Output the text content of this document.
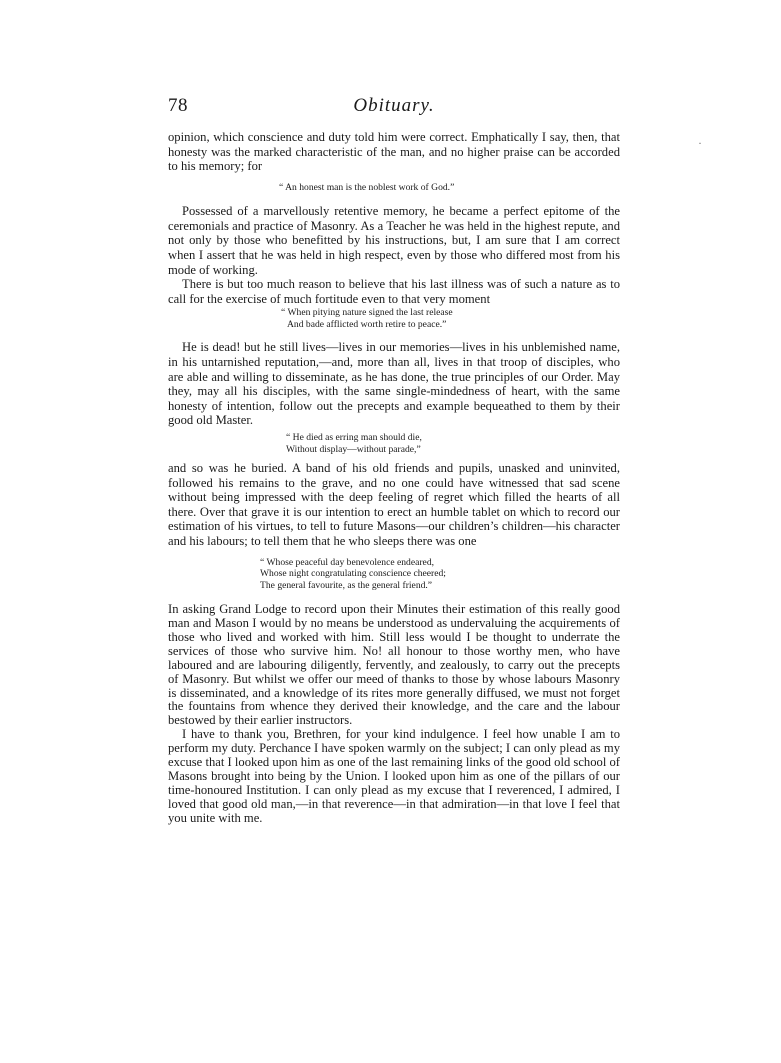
78	Obituary.

opinion, which conscience and duty told him were correct. Emphatically I say, then, that honesty was the marked characteristic of the man, and no higher praise can be accorded to his memory; for

“ An honest man is the noblest work of God.”

Possessed of a marvellously retentive memory, he became a perfect epitome of the ceremonials and practice of Masonry. As a Teacher he was held in the highest repute, and not only by those who benefitted by his instructions, but, I am sure that I am correct when I assert that he was held in high respect, even by those who differed most from his mode of working.

There is but too much reason to believe that his last illness was of such a nature as to call for the exercise of much fortitude even to that very moment

“ When pitying nature signed the last release
And bade afflicted worth retire to peace.”

He is dead! but he still lives—lives in our memories—lives in his unblemished name, in his untarnished reputation,—and, more than all, lives in that troop of disciples, who are able and willing to disseminate, as he has done, the true principles of our Order. May they, may all his disciples, with the same single-mindedness of heart, with the same honesty of intention, follow out the precepts and example bequeathed to them by their good old Master.

“ He died as erring man should die,
Without display—without parade,”

and so was he buried. A band of his old friends and pupils, unasked and uninvited, followed his remains to the grave, and no one could have witnessed that sad scene without being impressed with the deep feeling of regret which filled the hearts of all there. Over that grave it is our intention to erect an humble tablet on which to record our estimation of his virtues, to tell to future Masons—our children’s children—his character and his labours; to tell them that he who sleeps there was one

“ Whose peaceful day benevolence endeared,
Whose night congratulating conscience cheered;
The general favourite, as the general friend.”

In asking Grand Lodge to record upon their Minutes their estimation of this really good man and Mason I would by no means be understood as undervaluing the acquirements of those who lived and worked with him. Still less would I be thought to underrate the services of those who survive him. No! all honour to those worthy men, who have laboured and are labouring diligently, fervently, and zealously, to carry out the precepts of Masonry. But whilst we offer our meed of thanks to those by whose labours Masonry is disseminated, and a knowledge of its rites more generally diffused, we must not forget the fountains from whence they derived their knowledge, and the care and the labour bestowed by their earlier instructors.

I have to thank you, Brethren, for your kind indulgence. I feel how unable I am to perform my duty. Perchance I have spoken warmly on the subject; I can only plead as my excuse that I looked upon him as one of the last remaining links of the good old school of Masons brought into being by the Union. I looked upon him as one of the pillars of our time-honoured Institution. I can only plead as my excuse that I reverenced, I admired, I loved that good old man,—in that reverence—in that admiration—in that love I feel that you unite with me.

·
